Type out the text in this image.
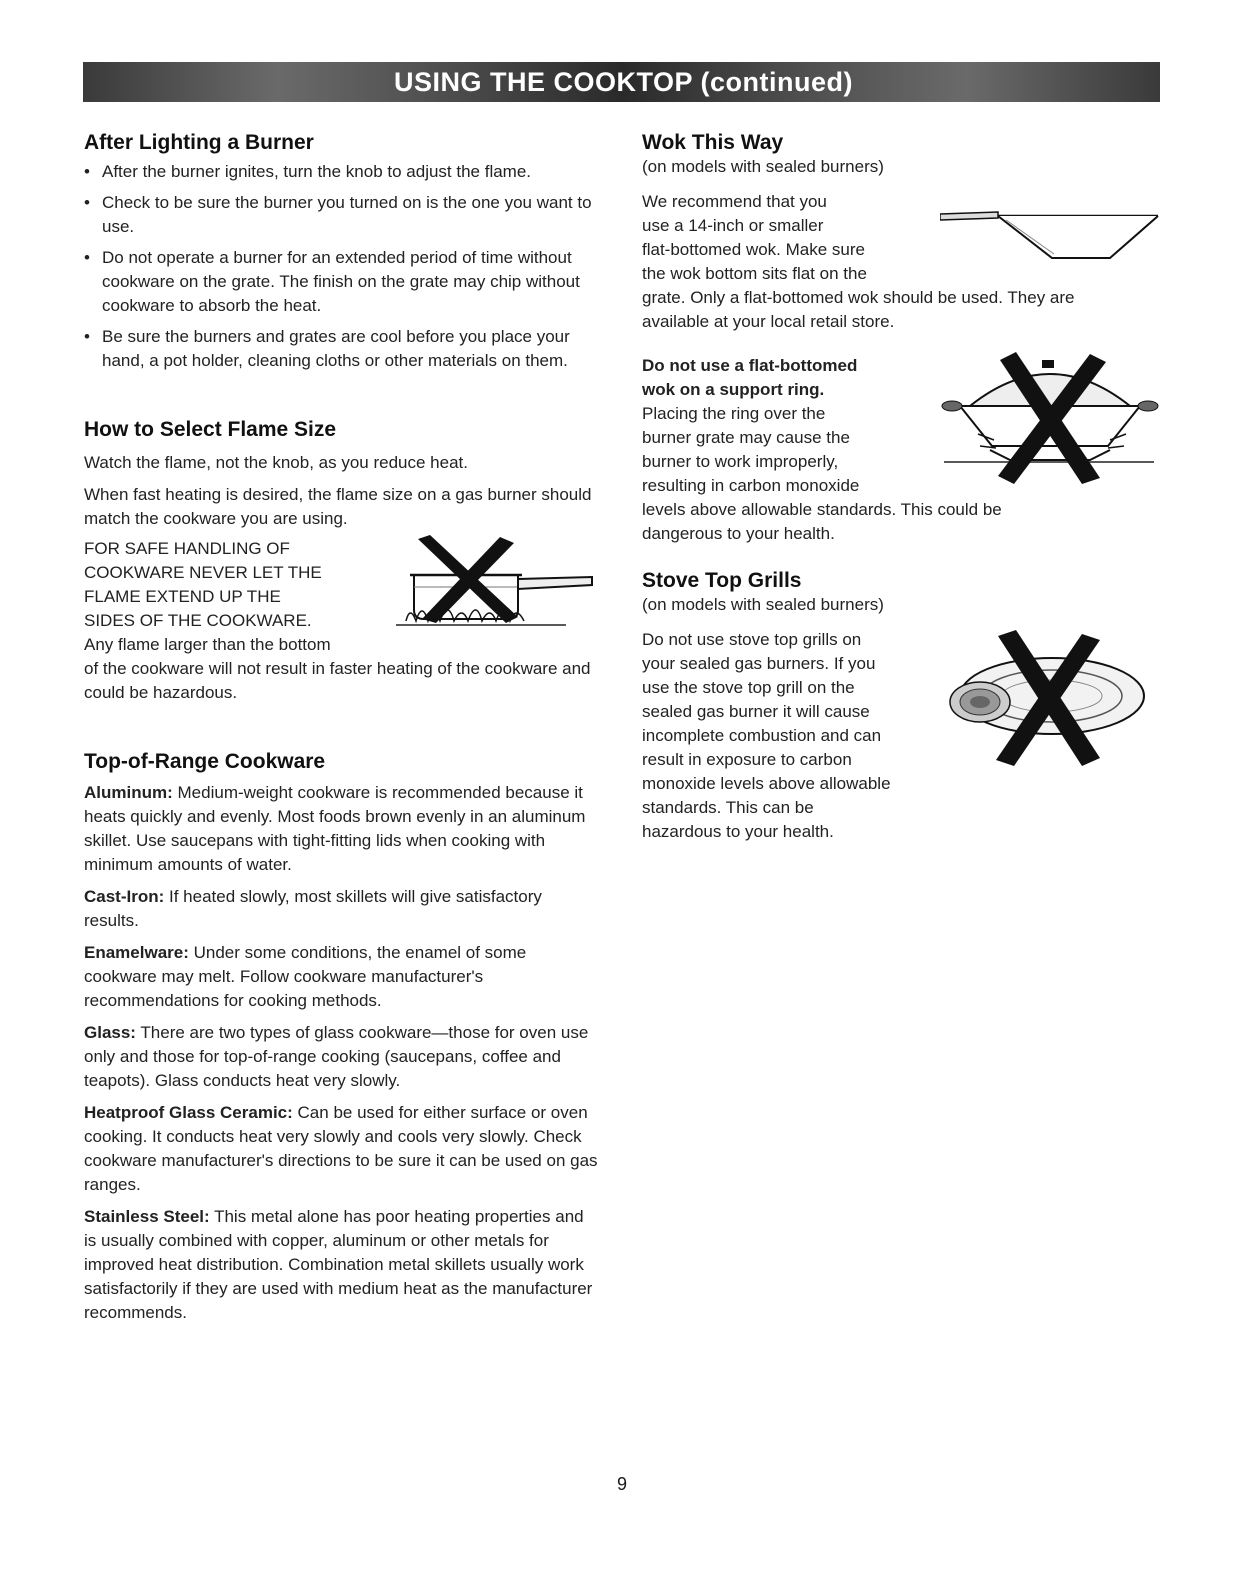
USING THE COOKTOP (continued)
After Lighting a Burner
• After the burner ignites, turn the knob to adjust the flame.
• Check to be sure the burner you turned on is the one you want to use.
• Do not operate a burner for an extended period of time without cookware on the grate. The finish on the grate may chip without cookware to absorb the heat.
• Be sure the burners and grates are cool before you place your hand, a pot holder, cleaning cloths or other materials on them.
How to Select Flame Size

Watch the flame, not the knob, as you reduce heat.

When fast heating is desired, the flame size on a gas burner should match the cookware you are using.

FOR SAFE HANDLING OF

COOKWARE NEVER LET THE

FLAME EXTEND UP THE

SIDES OF THE COOKWARE.

Any flame larger than the bottom

of the cookware will not result in faster heating of the cookware and could be hazardous.

Top-of-Range Cookware

Aluminum: Medium-weight cookware is recommended because it heats quickly and evenly. Most foods brown evenly in an aluminum skillet. Use saucepans with tight-fitting lids when cooking with minimum amounts of water.

Cast-Iron: If heated slowly, most skillets will give satisfactory results.

Enamelware: Under some conditions, the enamel of some cookware may melt. Follow cookware manufacturer's recommendations for cooking methods.

Glass: There are two types of glass cookware—those for oven use only and those for top-of-range cooking (saucepans, coffee and teapots). Glass conducts heat very slowly.

Heatproof Glass Ceramic: Can be used for either surface or oven cooking. It conducts heat very slowly and cools very slowly. Check cookware manufacturer's directions to be sure it can be used on gas ranges.

Stainless Steel: This metal alone has poor heating properties and is usually combined with copper, aluminum or other metals for improved heat distribution. Combination metal skillets usually work satisfactorily if they are used with medium heat as the manufacturer recommends.

Wok This Way

(on models with sealed burners)

We recommend that you

use a 14-inch or smaller

flat-bottomed wok. Make sure

the wok bottom sits flat on the

grate. Only a flat-bottomed wok should be used. They are available at your local retail store.

Do not use a flat-bottomed

wok on a support ring.

Placing the ring over the

burner grate may cause the

burner to work improperly,

resulting in carbon monoxide

levels above allowable standards. This could be dangerous to your health.

Stove Top Grills

(on models with sealed burners)

Do not use stove top grills on

your sealed gas burners. If you

use the stove top grill on the

sealed gas burner it will cause

incomplete combustion and can

result in exposure to carbon

monoxide levels above allowable

standards. This can be

hazardous to your health.

9
